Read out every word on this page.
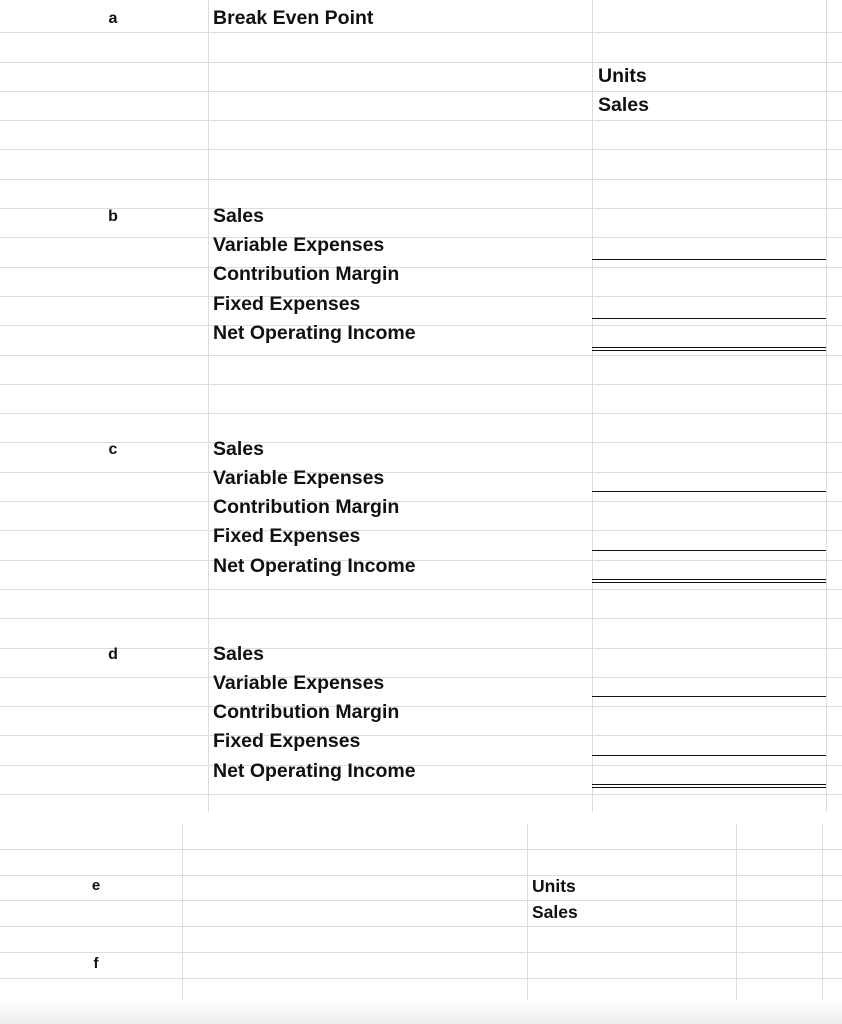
a	Break Even Point
Units
Sales
b	Sales
Variable Expenses
Contribution Margin
Fixed Expenses
Net Operating Income
c	Sales
Variable Expenses
Contribution Margin
Fixed Expenses
Net Operating Income
d	Sales
Variable Expenses
Contribution Margin
Fixed Expenses
Net Operating Income
e	Units
Sales
f
